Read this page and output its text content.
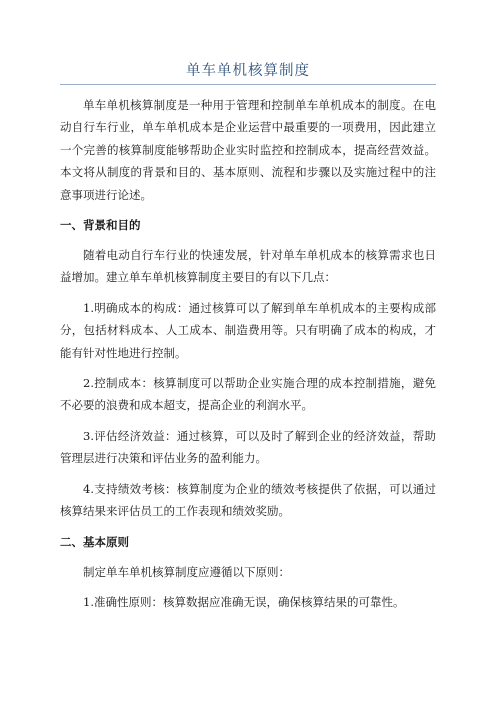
单车单机核算制度

单车单机核算制度是一种用于管理和控制单车单机成本的制度。在电动自行车行业，单车单机成本是企业运营中最重要的一项费用，因此建立一个完善的核算制度能够帮助企业实时监控和控制成本，提高经营效益。本文将从制度的背景和目的、基本原则、流程和步骤以及实施过程中的注意事项进行论述。

一、背景和目的

随着电动自行车行业的快速发展，针对单车单机成本的核算需求也日益增加。建立单车单机核算制度主要目的有以下几点：

1.明确成本的构成：通过核算可以了解到单车单机成本的主要构成部分，包括材料成本、人工成本、制造费用等。只有明确了成本的构成，才能有针对性地进行控制。

2.控制成本：核算制度可以帮助企业实施合理的成本控制措施，避免不必要的浪费和成本超支，提高企业的利润水平。

3.评估经济效益：通过核算，可以及时了解到企业的经济效益，帮助管理层进行决策和评估业务的盈利能力。

4.支持绩效考核：核算制度为企业的绩效考核提供了依据，可以通过核算结果来评估员工的工作表现和绩效奖励。

二、基本原则

制定单车单机核算制度应遵循以下原则：

1.准确性原则：核算数据应准确无误，确保核算结果的可靠性。
